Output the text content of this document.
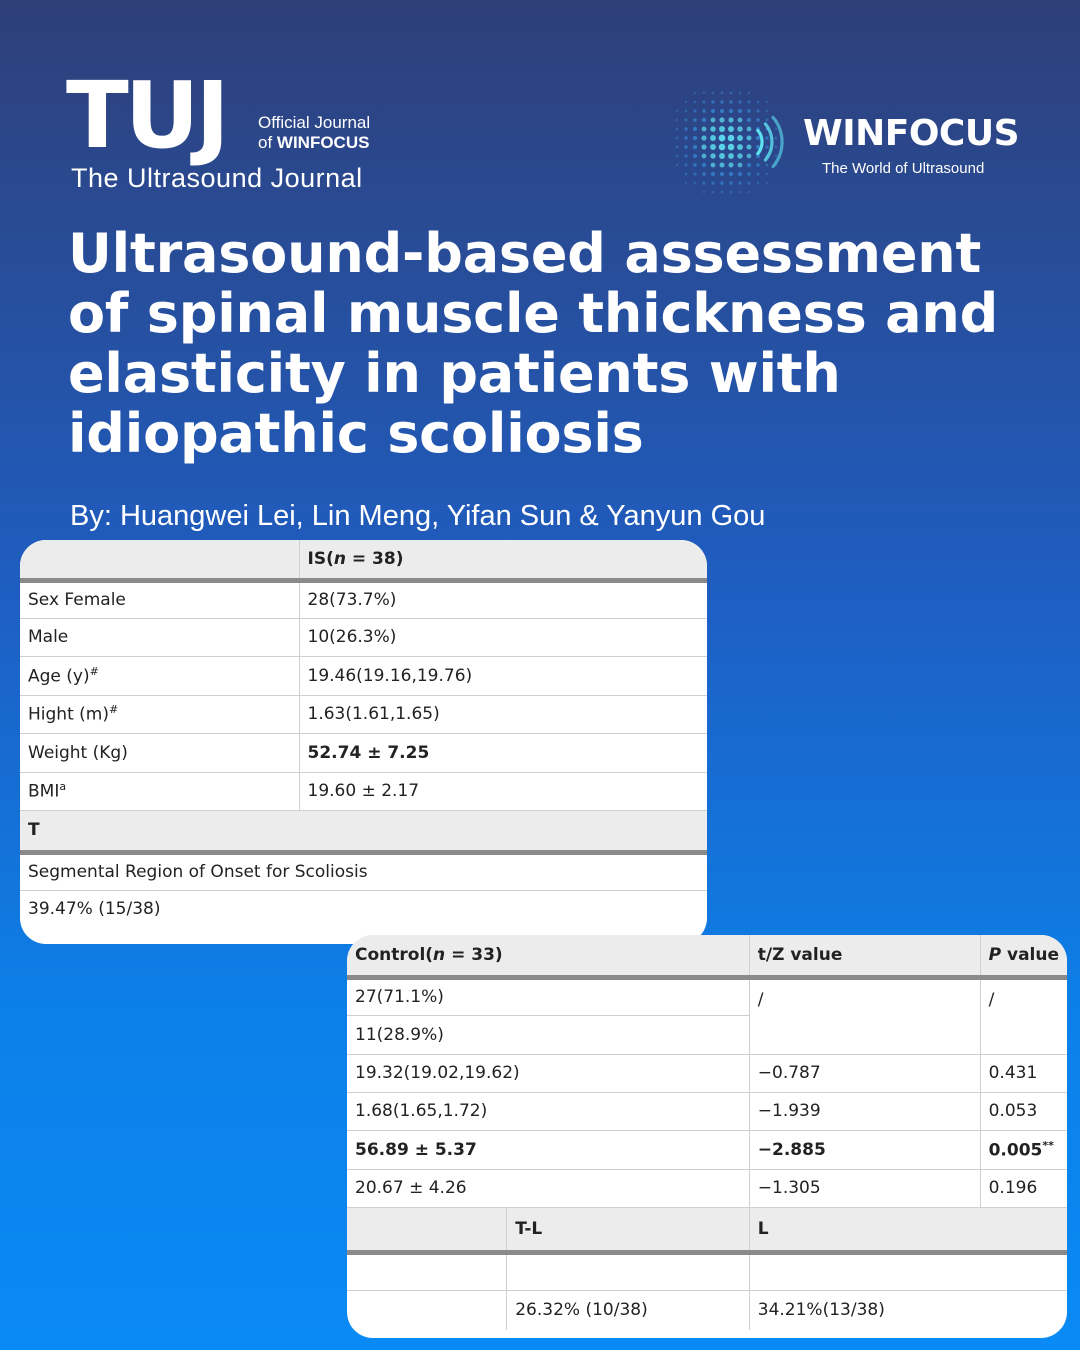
TUJ Official Journal
of WINFOCUS
The Ultrasound Journal
WINFOCUS
The World of Ultrasound
Ultrasound-based assessment of spinal muscle thickness and elasticity in patients with idiopathic scoliosis
By: Huangwei Lei, Lin Meng, Yifan Sun & Yanyun Gou
	IS(n = 38)
Sex Female	28(73.7%)
Male	10(26.3%)
Age (y)#	19.46(19.16,19.76)
Hight (m)#	1.63(1.61,1.65)
Weight (Kg)	52.74 ± 7.25
BMI$^a$	19.60 ± 2.17
T	
Segmental Region of Onset for Scoliosis	
39.47% (15/38)	
Control(n = 33)		t/Z value	P value
27(71.1%)		/	/
11(28.9%)			
19.32(19.02,19.62)		−0.787	0.431
1.68(1.65,1.72)		−1.939	0.053
56.89 ± 5.37		−2.885	0.005**
20.67 ± 4.26		−1.305	0.196
	T-L	L	

	26.32% (10/38)	34.21%(13/38)	
